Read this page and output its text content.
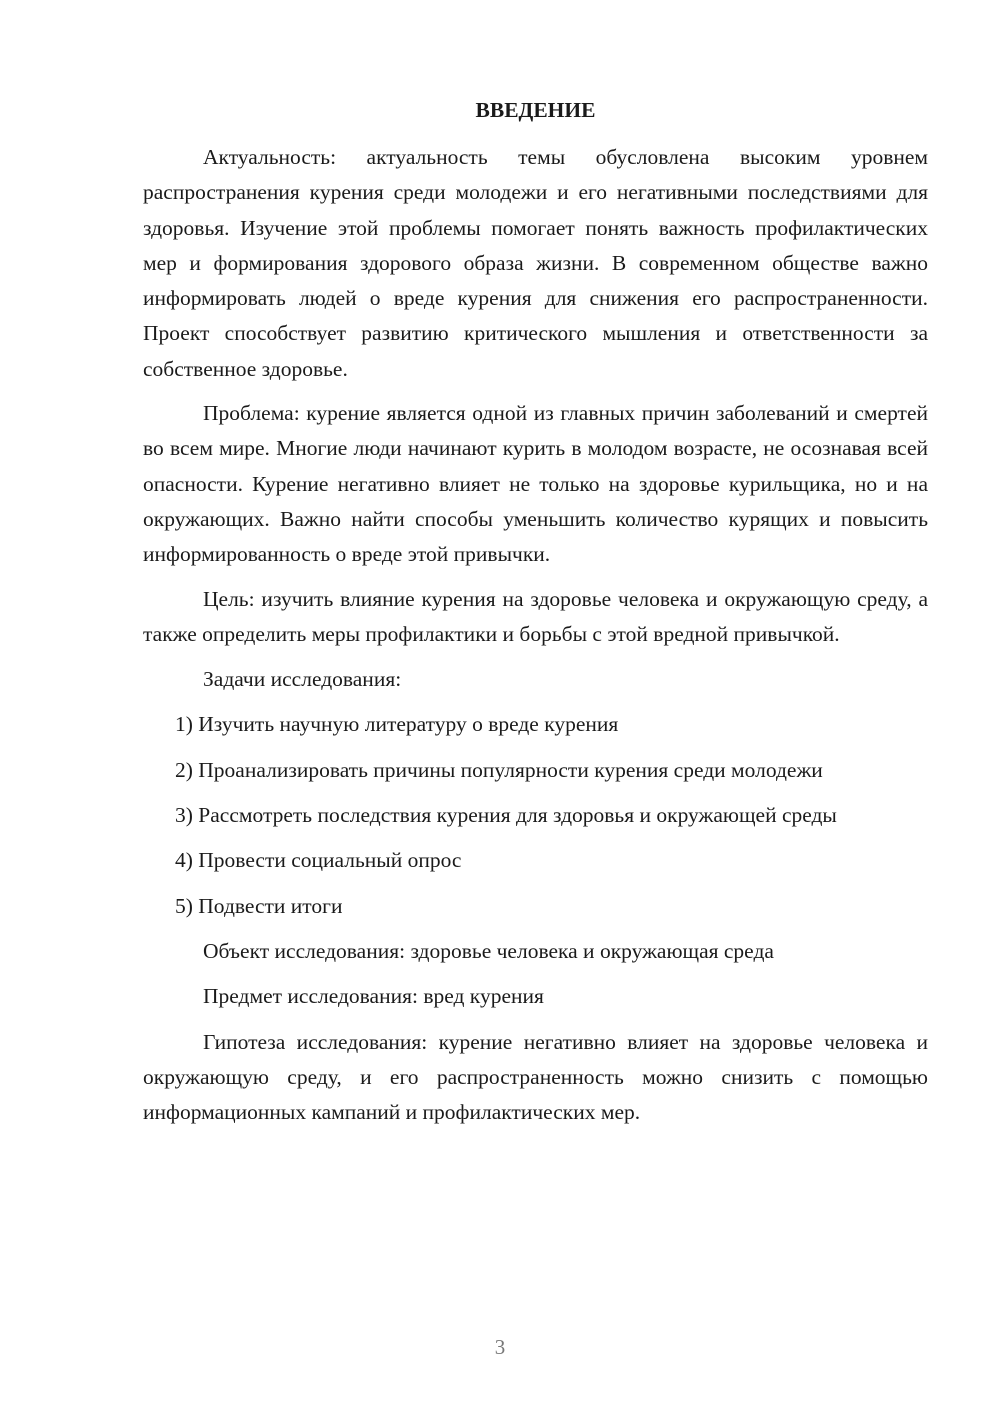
ВВЕДЕНИЕ

Актуальность: актуальность темы обусловлена высоким уровнем распространения курения среди молодежи и его негативными последствиями для здоровья. Изучение этой проблемы помогает понять важность профилактических мер и формирования здорового образа жизни. В современном обществе важно информировать людей о вреде курения для снижения его распространенности. Проект способствует развитию критического мышления и ответственности за собственное здоровье.

Проблема: курение является одной из главных причин заболеваний и смертей во всем мире. Многие люди начинают курить в молодом возрасте, не осознавая всей опасности. Курение негативно влияет не только на здоровье курильщика, но и на окружающих. Важно найти способы уменьшить количество курящих и повысить информированность о вреде этой привычки.

Цель: изучить влияние курения на здоровье человека и окружающую среду, а также определить меры профилактики и борьбы с этой вредной привычкой.

Задачи исследования:

1) Изучить научную литературу о вреде курения

2) Проанализировать причины популярности курения среди молодежи

3) Рассмотреть последствия курения для здоровья и окружающей среды

4) Провести социальный опрос

5) Подвести итоги

Объект исследования: здоровье человека и окружающая среда

Предмет исследования: вред курения

Гипотеза исследования: курение негативно влияет на здоровье человека и окружающую среду, и его распространенность можно снизить с помощью информационных кампаний и профилактических мер.

3
